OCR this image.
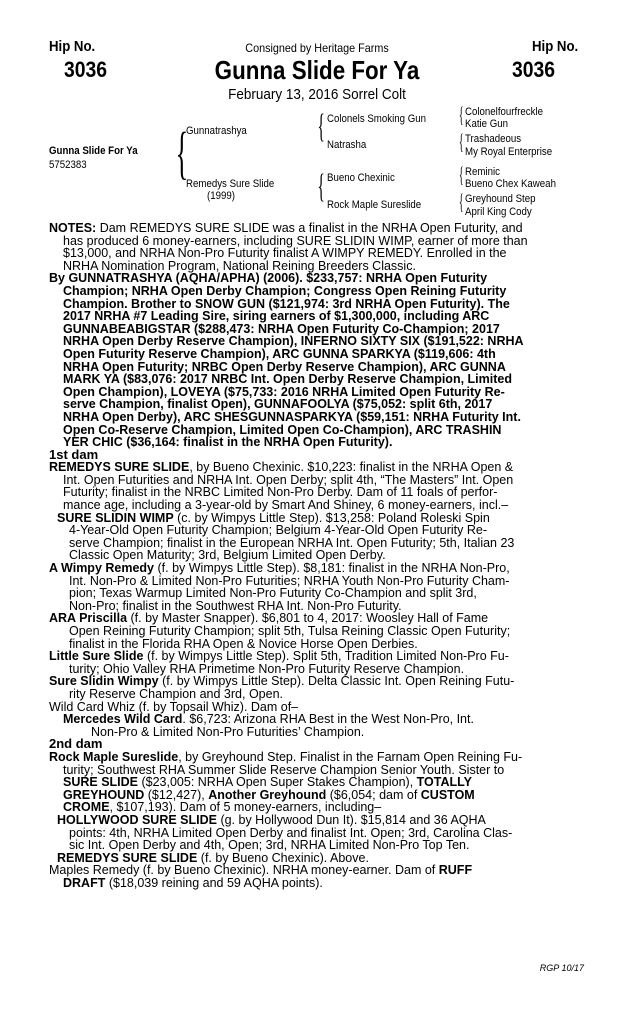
Hip No.
3036
Hip No.
3036
Consigned by Heritage Farms
Gunna Slide For Ya
February 13, 2016 Sorrel Colt
Gunna Slide For Ya
5752383 {
Gunnatrashya
Remedys Sure Slide
(1999)
{ Colonels Smoking Gun
Natrasha
{ Bueno Chexinic
Rock Maple Sureslide
{ Colonelfourfreckle
Katie Gun
{ Trashadeous
My Royal Enterprise
{ Reminic
Bueno Chex Kaweah
{ Greyhound Step
April King Cody
NOTES: Dam REMEDYS SURE SLIDE was a finalist in the NRHA Open Futurity, and
has produced 6 money-earners, including SURE SLIDIN WIMP, earner of more than
$13,000, and NRHA Non-Pro Futurity finalist A WIMPY REMEDY. Enrolled in the
NRHA Nomination Program, National Reining Breeders Classic.
By GUNNATRASHYA (AQHA/APHA) (2006). $233,757: NRHA Open Futurity
Champion; NRHA Open Derby Champion; Congress Open Reining Futurity
Champion. Brother to SNOW GUN ($121,974: 3rd NRHA Open Futurity). The
2017 NRHA #7 Leading Sire, siring earners of $1,300,000, including ARC
GUNNABEABIGSTAR ($288,473: NRHA Open Futurity Co-Champion; 2017
NRHA Open Derby Reserve Champion), INFERNO SIXTY SIX ($191,522: NRHA
Open Futurity Reserve Champion), ARC GUNNA SPARKYA ($119,606: 4th
NRHA Open Futurity; NRBC Open Derby Reserve Champion), ARC GUNNA
MARK YA ($83,076: 2017 NRBC Int. Open Derby Reserve Champion, Limited
Open Champion), LOVEYA ($75,733: 2016 NRHA Limited Open Futurity Re-
serve Champion, finalist Open), GUNNAFOOLYA ($75,052: split 6th, 2017
NRHA Open Derby), ARC SHESGUNNASPARKYA ($59,151: NRHA Futurity Int.
Open Co-Reserve Champion, Limited Open Co-Champion), ARC TRASHIN
YER CHIC ($36,164: finalist in the NRHA Open Futurity).
1st dam
REMEDYS SURE SLIDE, by Bueno Chexinic. $10,223: finalist in the NRHA Open &
Int. Open Futurities and NRHA Int. Open Derby; split 4th, “The Masters” Int. Open
Futurity; finalist in the NRBC Limited Non-Pro Derby. Dam of 11 foals of perfor-
mance age, including a 3-year-old by Smart And Shiney, 6 money-earners, incl.–
SURE SLIDIN WIMP (c. by Wimpys Little Step). $13,258: Poland Roleski Spin
4-Year-Old Open Futurity Champion; Belgium 4-Year-Old Open Futurity Re-
serve Champion; finalist in the European NRHA Int. Open Futurity; 5th, Italian 23
Classic Open Maturity; 3rd, Belgium Limited Open Derby.
A Wimpy Remedy (f. by Wimpys Little Step). $8,181: finalist in the NRHA Non-Pro,
Int. Non-Pro & Limited Non-Pro Futurities; NRHA Youth Non-Pro Futurity Cham-
pion; Texas Warmup Limited Non-Pro Futurity Co-Champion and split 3rd,
Non-Pro; finalist in the Southwest RHA Int. Non-Pro Futurity.
ARA Priscilla (f. by Master Snapper). $6,801 to 4, 2017: Woosley Hall of Fame
Open Reining Futurity Champion; split 5th, Tulsa Reining Classic Open Futurity;
finalist in the Florida RHA Open & Novice Horse Open Derbies.
Little Sure Slide (f. by Wimpys Little Step). Split 5th, Tradition Limited Non-Pro Fu-
turity; Ohio Valley RHA Primetime Non-Pro Futurity Reserve Champion.
Sure Slidin Wimpy (f. by Wimpys Little Step). Delta Classic Int. Open Reining Futu-
rity Reserve Champion and 3rd, Open.
Wild Card Whiz (f. by Topsail Whiz). Dam of–
Mercedes Wild Card. $6,723: Arizona RHA Best in the West Non-Pro, Int.
Non-Pro & Limited Non-Pro Futurities’ Champion.
2nd dam
Rock Maple Sureslide, by Greyhound Step. Finalist in the Farnam Open Reining Fu-
turity; Southwest RHA Summer Slide Reserve Champion Senior Youth. Sister to
SURE SLIDE ($23,005: NRHA Open Super Stakes Champion), TOTALLY
GREYHOUND ($12,427), Another Greyhound ($6,054; dam of CUSTOM
CROME, $107,193). Dam of 5 money-earners, including–
HOLLYWOOD SURE SLIDE (g. by Hollywood Dun It). $15,814 and 36 AQHA
points: 4th, NRHA Limited Open Derby and finalist Int. Open; 3rd, Carolina Clas-
sic Int. Open Derby and 4th, Open; 3rd, NRHA Limited Non-Pro Top Ten.
REMEDYS SURE SLIDE (f. by Bueno Chexinic). Above.
Maples Remedy (f. by Bueno Chexinic). NRHA money-earner. Dam of RUFF
DRAFT ($18,039 reining and 59 AQHA points).
RGP 10/17
